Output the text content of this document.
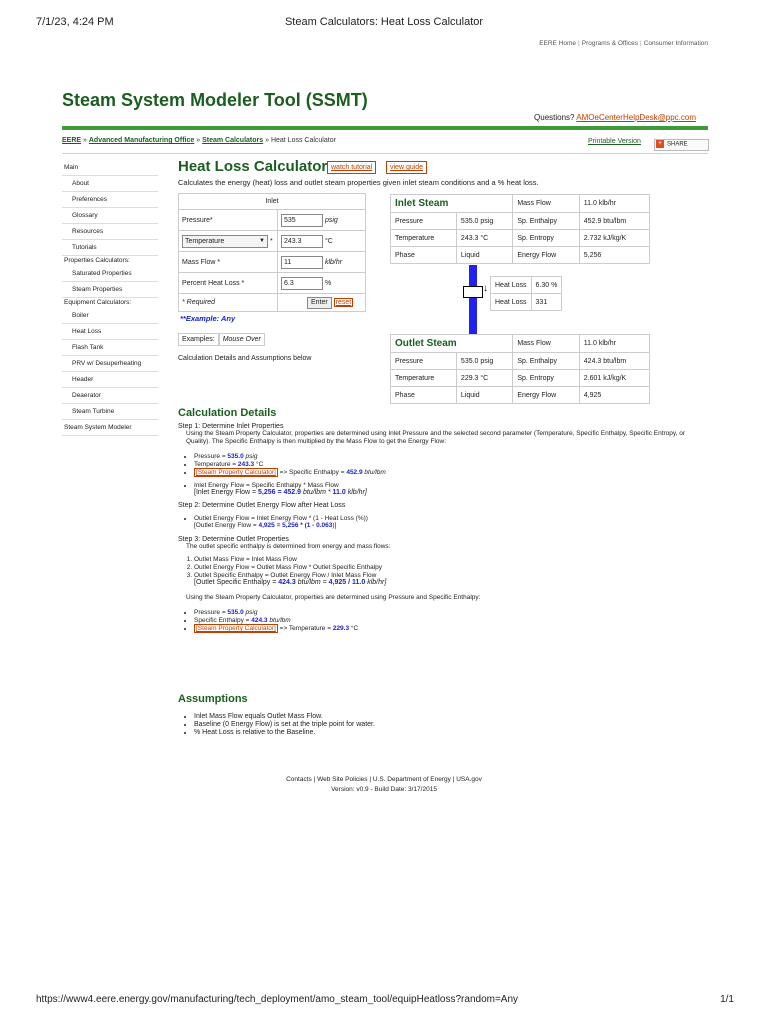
7/1/23, 4:24 PM	Steam Calculators: Heat Loss Calculator
EERE Home | Programs & Offices | Consumer Information
Steam System Modeler Tool (SSMT)
Questions? AMOeCenterHelpDesk@ppc.com
EERE » Advanced Manufacturing Office » Steam Calculators » Heat Loss Calculator	Printable Version	+ SHARE
Main
About
Preferences
Glossary
Resources
Tutorials
Properties Calculators:
Saturated Properties
Steam Properties
Equipment Calculators:
Boiler
Heat Loss
Flash Tank
PRV w/ Desuperheating
Header
Deaerator
Steam Turbine
Steam System Modeler
Heat Loss Calculator watch tutorial	view guide
Calculates the energy (heat) loss and outlet steam properties given inlet steam conditions and a % heat loss.
Inlet	
Pressure*	535 psig
Temperature ▼ *	243.3 °C
Mass Flow *	11 klb/hr
Percent Heat Loss *	6.3 %
* Required	Enter reset
**Example: Any
Examples: Mouse Over
Calculation Details and Assumptions below
Inlet Steam		Mass Flow	11.0 klb/hr
Pressure	535.0 psig	Sp. Enthalpy	452.9 btu/lbm
Temperature	243.3 °C	Sp. Entropy	2.732 kJ/kg/K
Phase	Liquid	Energy Flow	5,256
↓ Heat Loss	6.30 %
Heat Loss	331
Outlet Steam		Mass Flow	11.0 klb/hr
Pressure	535.0 psig	Sp. Enthalpy	424.3 btu/lbm
Temperature	229.3 °C	Sp. Entropy	2.601 kJ/kg/K
Phase	Liquid	Energy Flow	4,925
Calculation Details
Step 1: Determine Inlet Properties
Using the Steam Property Calculator, properties are determined using Inlet Pressure and the selected second parameter (Temperature, Specific Enthalpy, Specific Entropy, or Quality). The Specific Enthalpy is then multiplied by the Mass Flow to get the Energy Flow:
• Pressure = 535.0 psig
• Temperature = 243.3 °C
• [Steam Property Calculator] => Specific Enthalpy = 452.9 btu/lbm
• Inlet Energy Flow = Specific Enthalpy * Mass Flow
[Inlet Energy Flow = 5,256 = 452.9 btu/lbm * 11.0 klb/hr]
Step 2: Determine Outlet Energy Flow after Heat Loss
• Outlet Energy Flow = Inlet Energy Flow * (1 - Heat Loss (%))
[Outlet Energy Flow = 4,925 = 5,256 * (1 - 0.063)]
Step 3: Determine Outlet Properties
The outlet specific enthalpy is determined from energy and mass flows:
1. Outlet Mass Flow = Inlet Mass Flow
2. Outlet Energy Flow = Outlet Mass Flow * Outlet Specific Enthalpy
3. Outlet Specific Enthalpy = Outlet Energy Flow / Inlet Mass Flow
[Outlet Specific Enthalpy = 424.3 btu/lbm = 4,925 / 11.0 klb/hr]
Using the Steam Property Calculator, properties are determined using Pressure and Specific Enthalpy:
• Pressure = 535.0 psig
• Specific Enthalpy = 424.3 btu/lbm
• [Steam Property Calculator] => Temperature = 229.3 °C
Assumptions
• Inlet Mass Flow equals Outlet Mass Flow.
• Baseline (0 Energy Flow) is set at the triple point for water.
• % Heat Loss is relative to the Baseline.
Contacts | Web Site Policies | U.S. Department of Energy | USA.gov
Version: v0.9 - Build Date: 3/17/2015
https://www4.eere.energy.gov/manufacturing/tech_deployment/amo_steam_tool/equipHeatloss?random=Any	1/1
